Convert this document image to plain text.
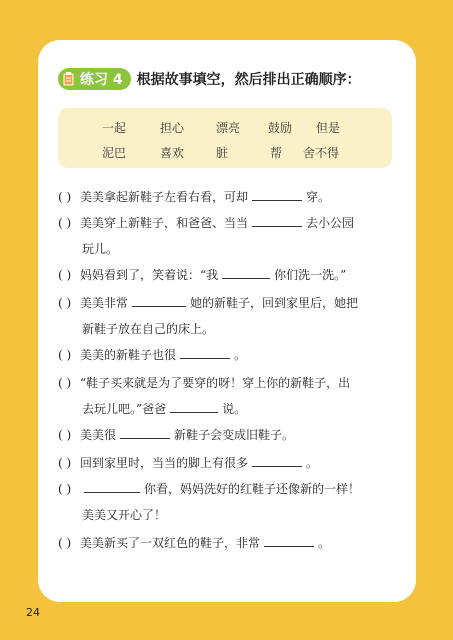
练习 4 根据故事填空，然后排出正确顺序：
一起	担心	漂亮 鼓励 但是
泥巴	喜欢	脏	帮 舍不得
( ) 美美拿起新鞋子左看右看，可却	穿。
( ) 美美穿上新鞋子，和爸爸、当当	去小公园
玩儿。
( ) 妈妈看到了，笑着说：“我	你们洗一洗。”
( ) 美美非常	她的新鞋子，回到家里后，她把
新鞋子放在自己的床上。
( ) 美美的新鞋子也很	。
( ) “鞋子买来就是为了要穿的呀！穿上你的新鞋子，出
去玩儿吧。”爸爸	说。
( ) 美美很	新鞋子会变成旧鞋子。
( ) 回到家里时，当当的脚上有很多	。
( )	你看，妈妈洗好的红鞋子还像新的一样！
美美又开心了！
( ) 美美新买了一双红色的鞋子，非常	。
24
